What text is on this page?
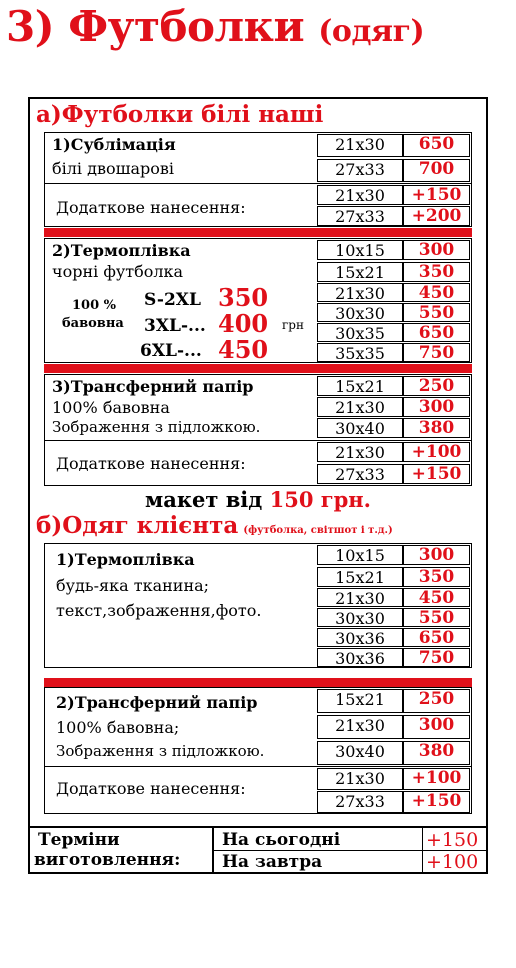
3) Футболки (одяг)
а)Футболки білі наші
1)Сублімація
білі двошарові
Додаткове нанесення:
21x30	650
27x33	700
21x30	+150
27x33	+200
2)Термоплівка
чорні футболка
100 %
бавовна
S-2XL 350
3XL-... 400 грн
6XL-... 450
10x15	300
15x21	350
21x30	450
30x30	550
30x35	650
35x35	750
3)Трансферний папір
100% бавовна
Зображення з підложкою.
Додаткове нанесення:
15x21	250
21x30	300
30x40	380
21x30	+100
27x33	+150
макет від 150 грн.
б)Одяг клієнта (футболка, світшот і т.д.)
1)Термоплівка
будь-яка тканина;
текст,зображення,фото.
10x15	300
15x21	350
21x30	450
30x30	550
30x36	650
30x36	750
2)Трансферний папір
100% бавовна;
Зображення з підложкою.
Додаткове нанесення:
15x21	250
21x30	300
30x40	380
21x30	+100
27x33	+150
Терміни
виготовлення:
На сьогодні	+150
На завтра	+100
